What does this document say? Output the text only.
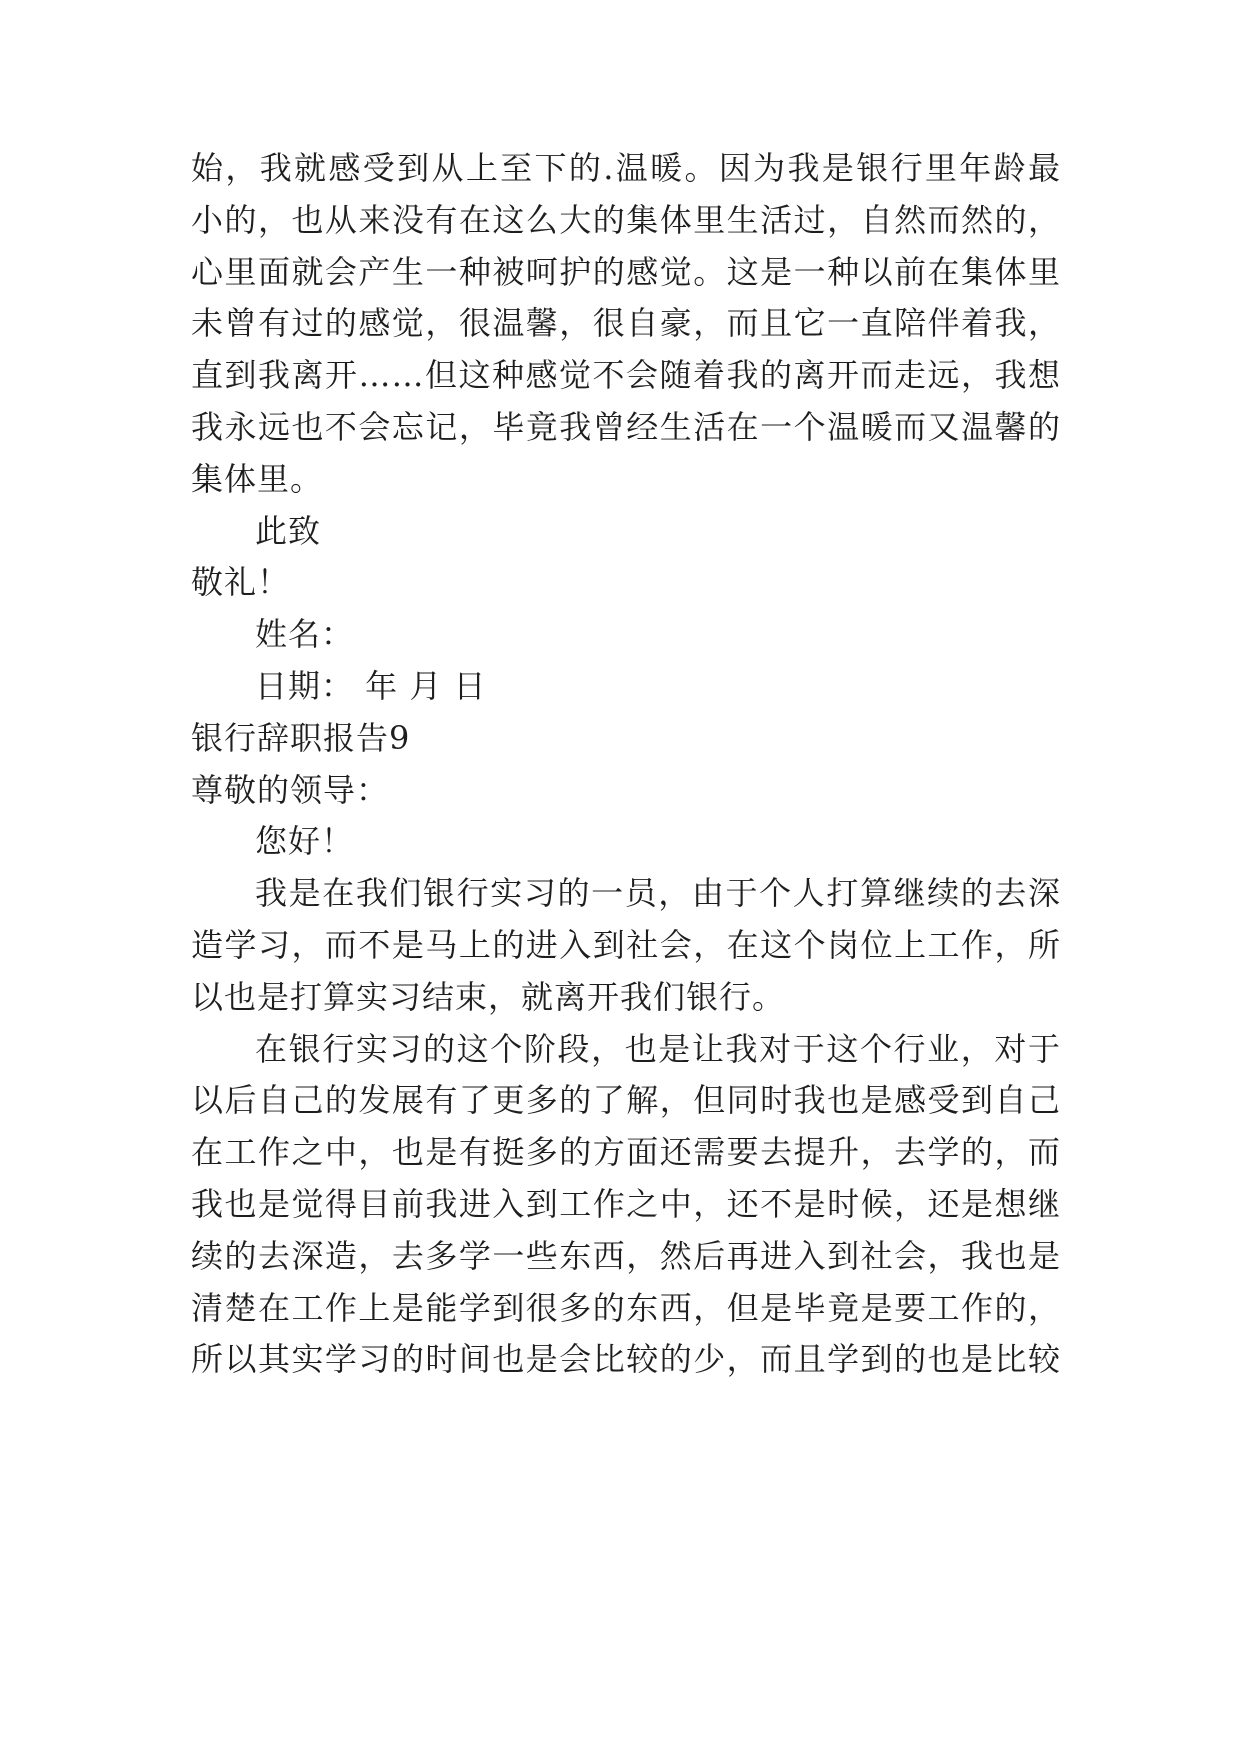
始，我就感受到从上至下的.温暖。因为我是银行里年龄最
小的，也从来没有在这么大的集体里生活过，自然而然的，
心里面就会产生一种被呵护的感觉。这是一种以前在集体里
未曾有过的感觉，很温馨，很自豪，而且它一直陪伴着我，
直到我离开……但这种感觉不会随着我的离开而走远，我想
我永远也不会忘记，毕竟我曾经生活在一个温暖而又温馨的
集体里。
此致
敬礼！
姓名：
日期： 年 月 日
银行辞职报告9
尊敬的领导：
您好！
我是在我们银行实习的一员，由于个人打算继续的去深
造学习，而不是马上的进入到社会，在这个岗位上工作，所
以也是打算实习结束，就离开我们银行。
在银行实习的这个阶段，也是让我对于这个行业，对于
以后自己的发展有了更多的了解，但同时我也是感受到自己
在工作之中，也是有挺多的方面还需要去提升，去学的，而
我也是觉得目前我进入到工作之中，还不是时候，还是想继
续的去深造，去多学一些东西，然后再进入到社会，我也是
清楚在工作上是能学到很多的东西，但是毕竟是要工作的，
所以其实学习的时间也是会比较的少，而且学到的也是比较
